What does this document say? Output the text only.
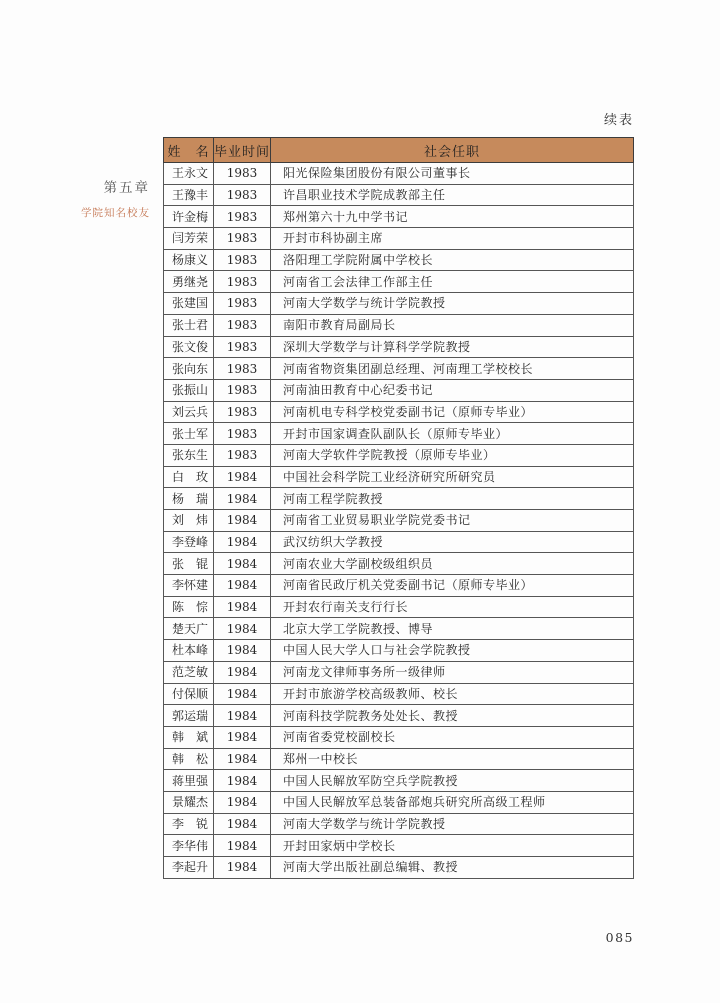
续表
第五章
学院知名校友
姓　名	毕业时间	社会任职
王永文	1983	阳光保险集团股份有限公司董事长
王豫丰	1983	许昌职业技术学院成教部主任
许金梅	1983	郑州第六十九中学书记
闫芳荣	1983	开封市科协副主席
杨康义	1983	洛阳理工学院附属中学校长
勇继尧	1983	河南省工会法律工作部主任
张建国	1983	河南大学数学与统计学院教授
张士君	1983	南阳市教育局副局长
张文俊	1983	深圳大学数学与计算科学学院教授
张向东	1983	河南省物资集团副总经理、河南理工学校校长
张振山	1983	河南油田教育中心纪委书记
刘云兵	1983	河南机电专科学校党委副书记（原师专毕业）
张士军	1983	开封市国家调查队副队长（原师专毕业）
张东生	1983	河南大学软件学院教授（原师专毕业）
白　玫	1984	中国社会科学院工业经济研究所研究员
杨　瑞	1984	河南工程学院教授
刘　炜	1984	河南省工业贸易职业学院党委书记
李登峰	1984	武汉纺织大学教授
张　锟	1984	河南农业大学副校级组织员
李怀建	1984	河南省民政厅机关党委副书记（原师专毕业）
陈　悰	1984	开封农行南关支行行长
楚天广	1984	北京大学工学院教授、博导
杜本峰	1984	中国人民大学人口与社会学院教授
范芝敏	1984	河南龙文律师事务所一级律师
付保顺	1984	开封市旅游学校高级教师、校长
郭运瑞	1984	河南科技学院教务处处长、教授
韩　斌	1984	河南省委党校副校长
韩　松	1984	郑州一中校长
蒋里强	1984	中国人民解放军防空兵学院教授
景耀杰	1984	中国人民解放军总装备部炮兵研究所高级工程师
李　锐	1984	河南大学数学与统计学院教授
李华伟	1984	开封田家炳中学校长
李起升	1984	河南大学出版社副总编辑、教授
085
